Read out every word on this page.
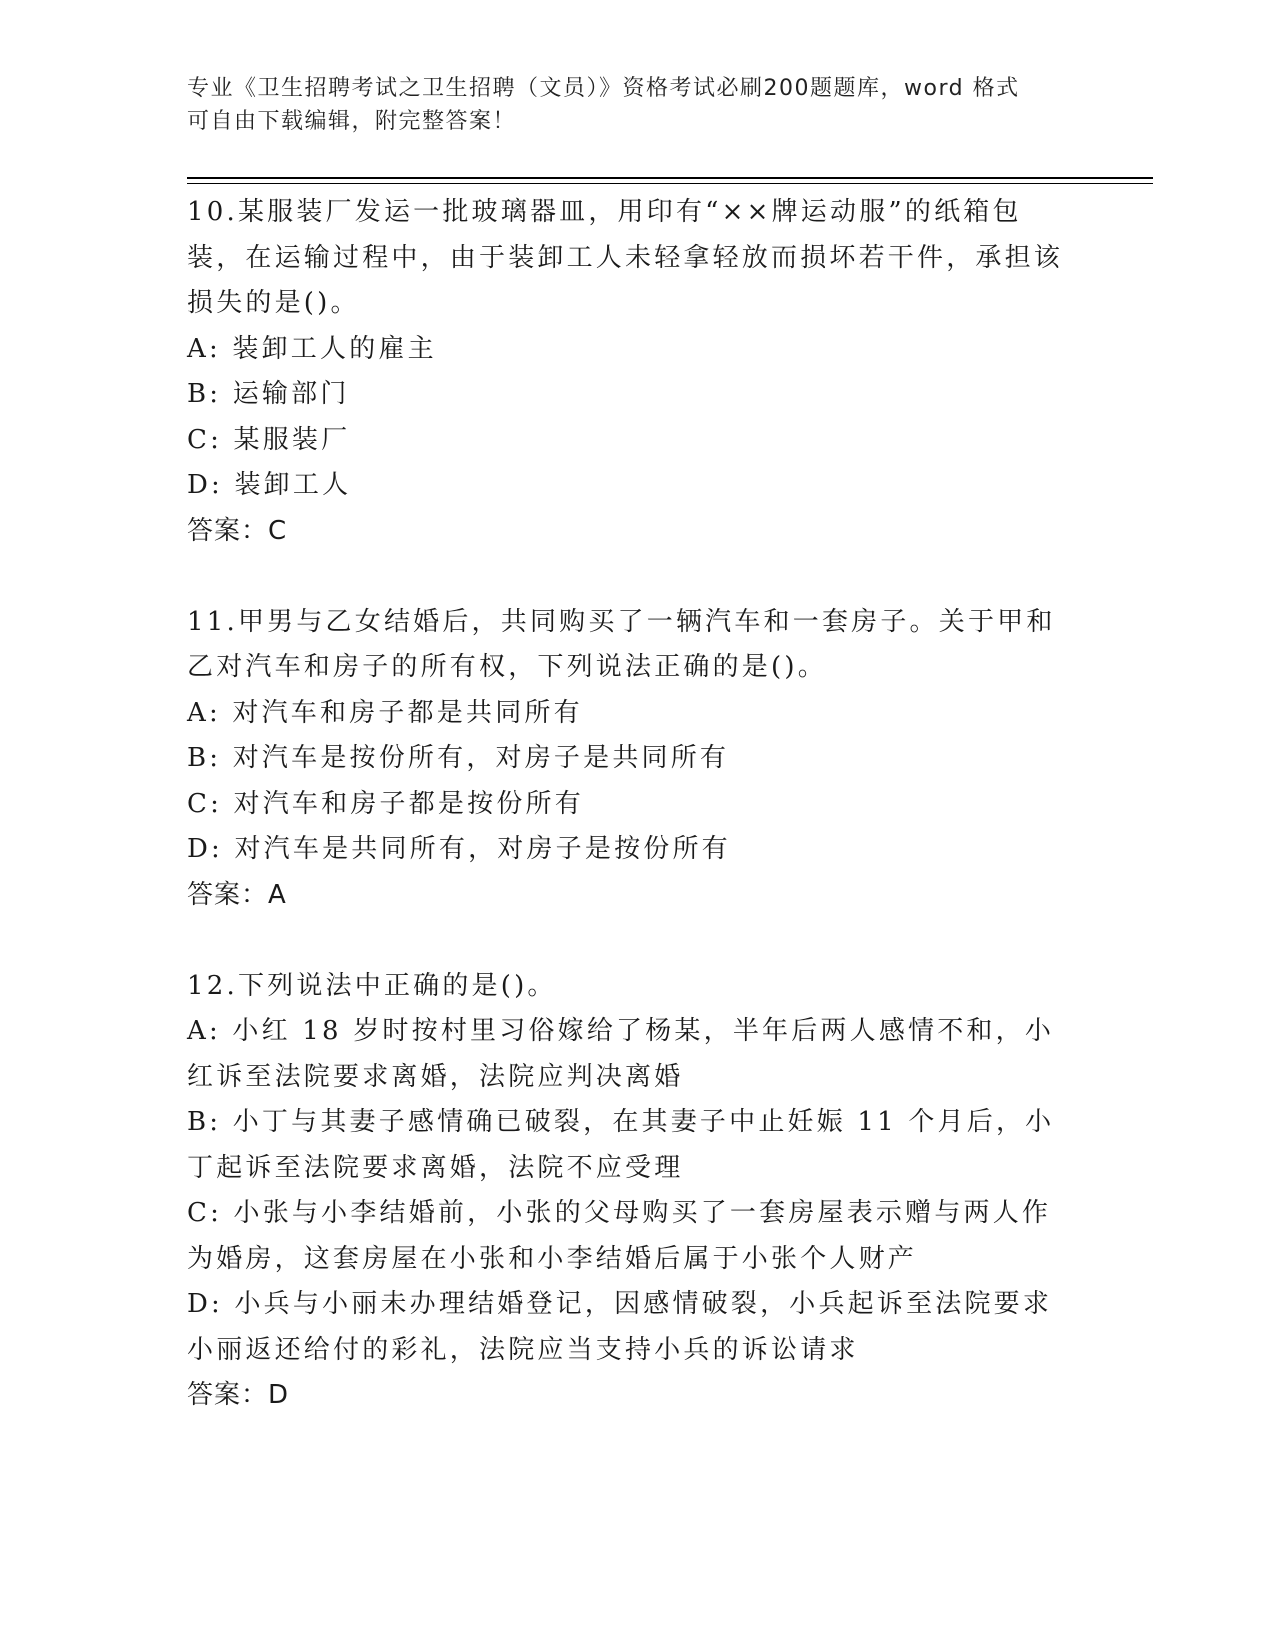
专业《卫生招聘考试之卫生招聘（文员）》资格考试必刷200题题库，word 格式
可自由下载编辑，附完整答案！
10.某服装厂发运一批玻璃器皿，用印有“××牌运动服”的纸箱包装，在运输过程中，由于装卸工人未轻拿轻放而损坏若干件，承担该损失的是()。
A: 装卸工人的雇主
B: 运输部门
C: 某服装厂
D: 装卸工人
答案：C
11.甲男与乙女结婚后，共同购买了一辆汽车和一套房子。关于甲和乙对汽车和房子的所有权，下列说法正确的是()。
A: 对汽车和房子都是共同所有
B: 对汽车是按份所有，对房子是共同所有
C: 对汽车和房子都是按份所有
D: 对汽车是共同所有，对房子是按份所有
答案：A
12.下列说法中正确的是()。
A: 小红 18 岁时按村里习俗嫁给了杨某，半年后两人感情不和，小红诉至法院要求离婚，法院应判决离婚
B: 小丁与其妻子感情确已破裂，在其妻子中止妊娠 11 个月后，小丁起诉至法院要求离婚，法院不应受理
C: 小张与小李结婚前，小张的父母购买了一套房屋表示赠与两人作为婚房，这套房屋在小张和小李结婚后属于小张个人财产
D: 小兵与小丽未办理结婚登记，因感情破裂，小兵起诉至法院要求小丽返还给付的彩礼，法院应当支持小兵的诉讼请求
答案：D
